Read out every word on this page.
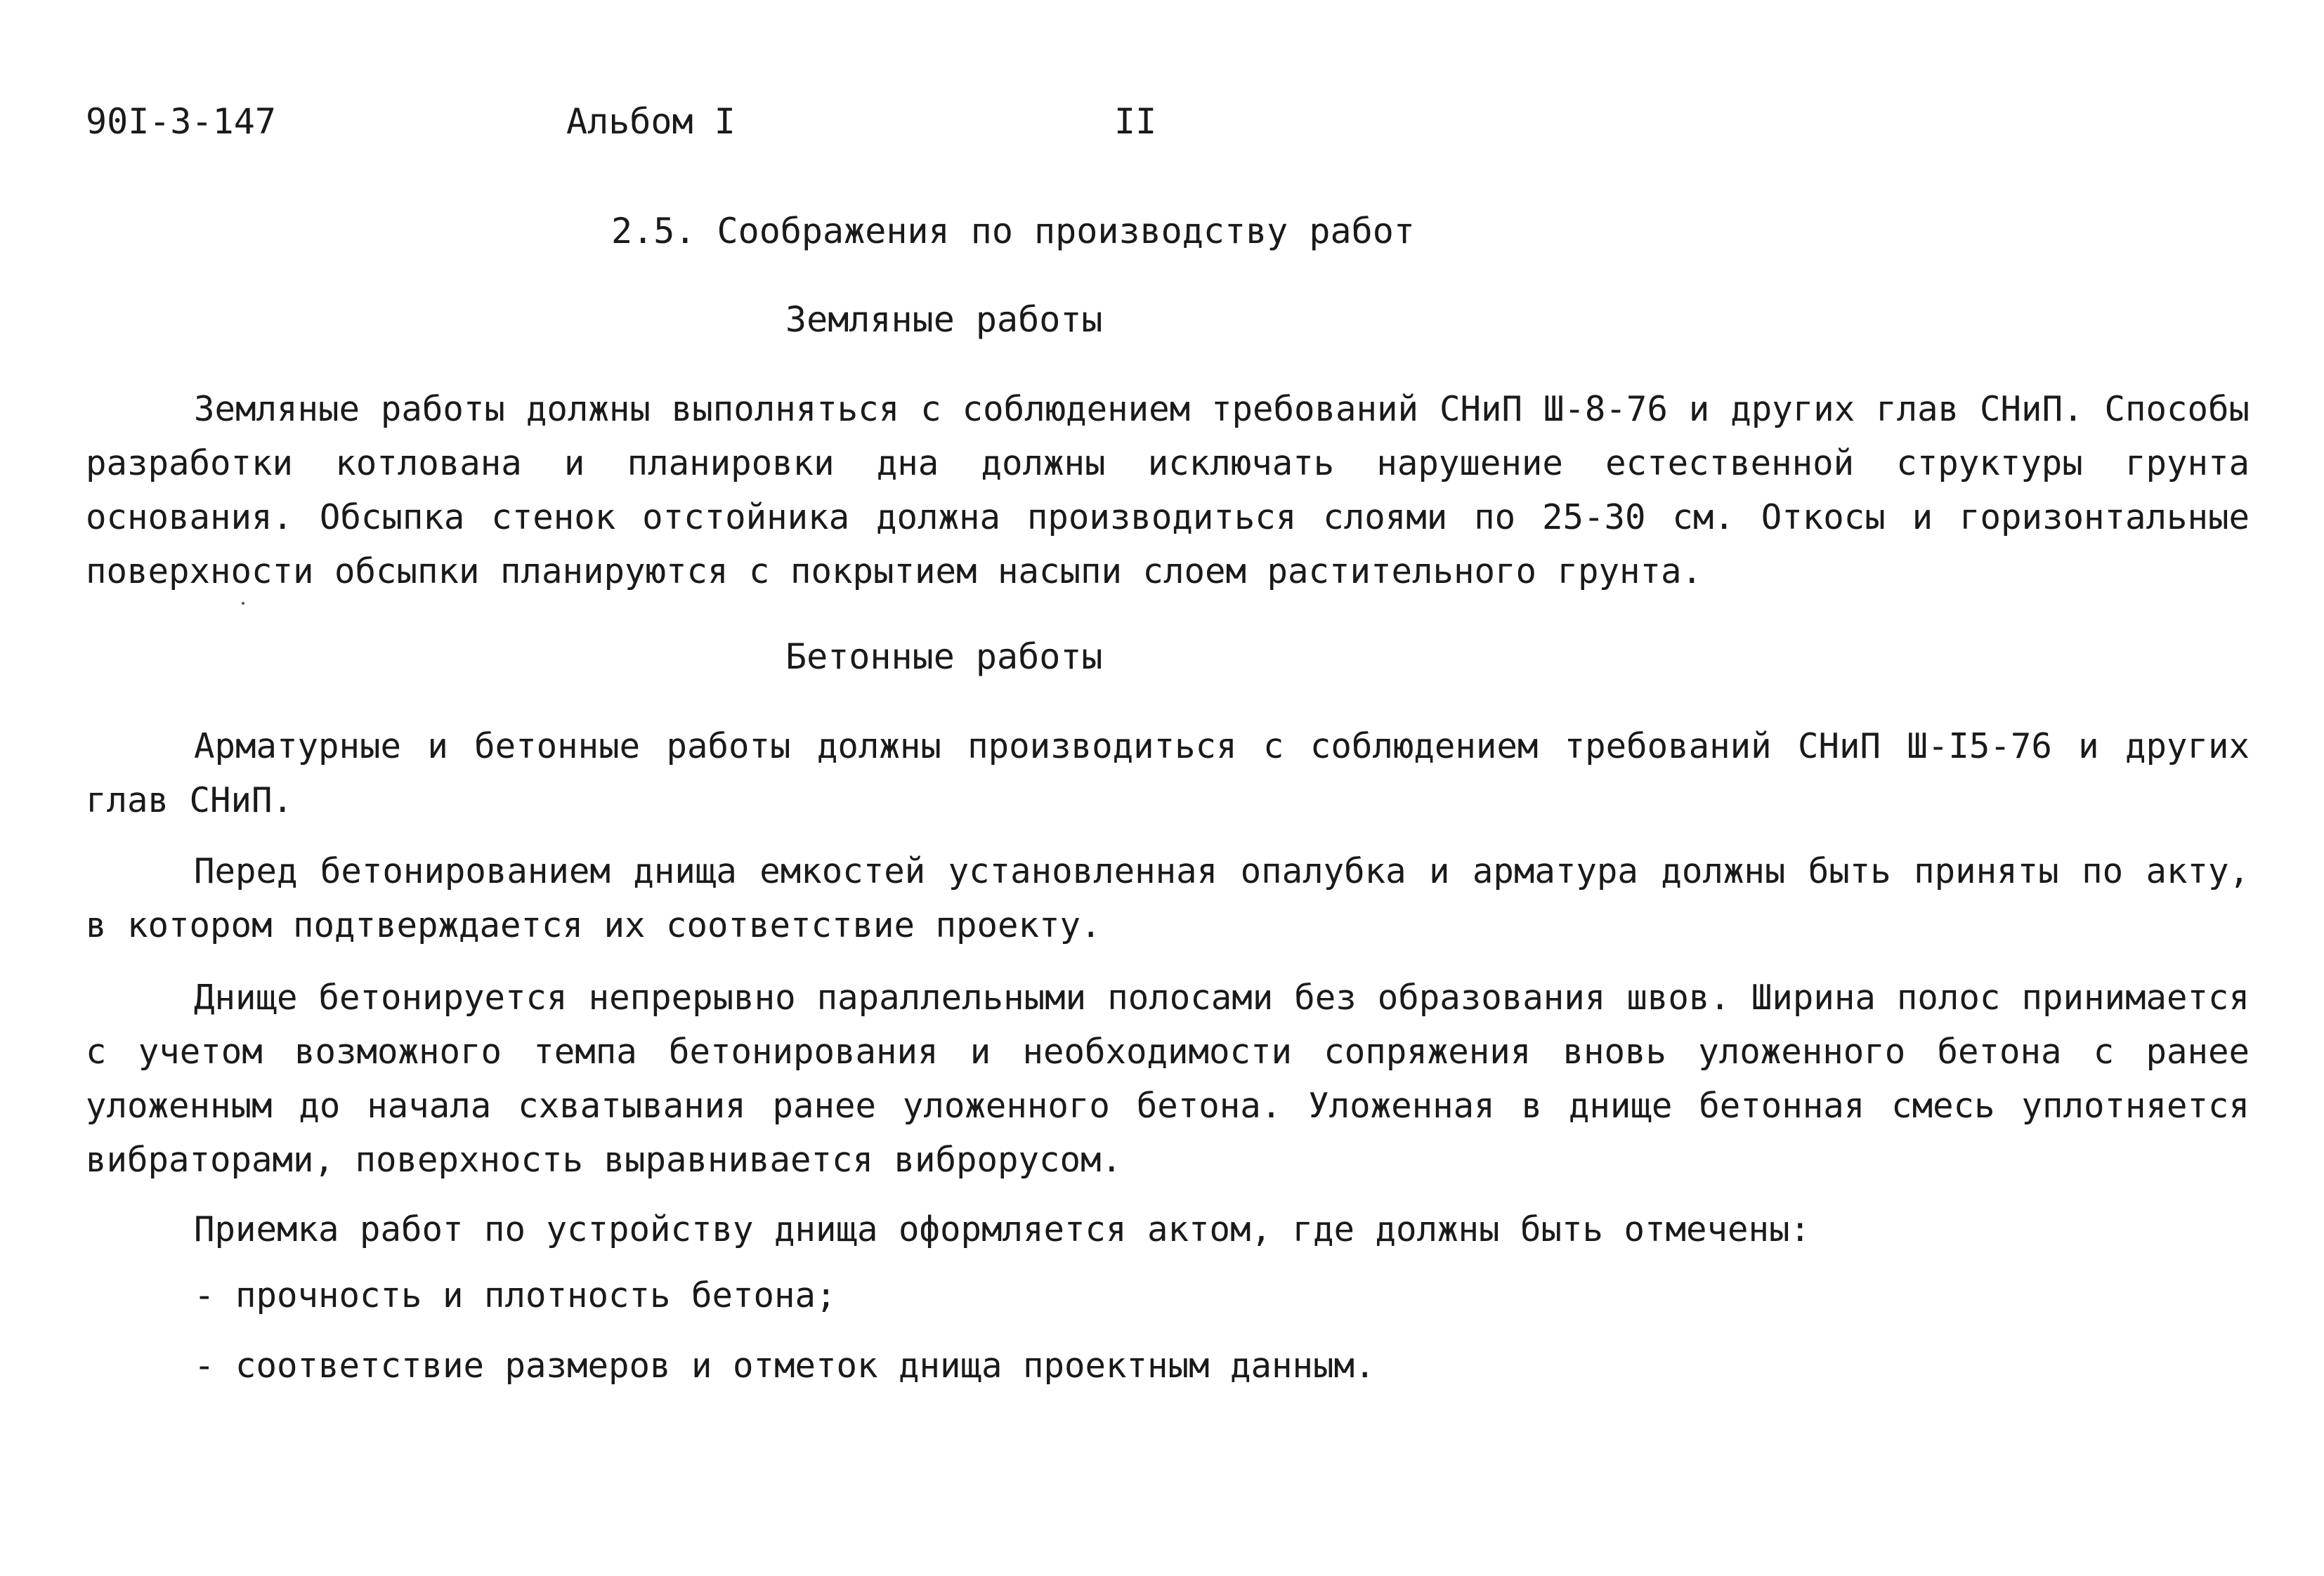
90I-3-147	Альбом I	II
2.5. Соображения по производству работ
Земляные работы
Земляные работы должны выполняться с соблюдением требований СНиП Ш-8-76 и других глав СНиП. Способы разработки котлована и планировки дна должны исключать нарушение естественной структуры грунта основания. Обсыпка стенок отстойника должна производиться слоями по 25-30 см. Откосы и горизонтальные поверхности обсыпки планируются с покрытием насыпи слоем растительного грунта.
Бетонные работы
Арматурные и бетонные работы должны производиться с соблюдением требований СНиП Ш-I5-76 и других глав СНиП.
Перед бетонированием днища емкостей установленная опалубка и арматура должны быть приняты по акту, в котором подтверждается их соответствие проекту.
Днище бетонируется непрерывно параллельными полосами без образования швов. Ширина полос принимается с учетом возможного темпа бетонирования и необходимости сопряжения вновь уложенного бетона с ранее уложенным до начала схватывания ранее уложенного бетона. Уложенная в днище бетонная смесь уплотняется вибраторами, поверхность выравнивается виброрусом.
Приемка работ по устройству днища оформляется актом, где должны быть отмечены:
- прочность и плотность бетона;
- соответствие размеров и отметок днища проектным данным.
